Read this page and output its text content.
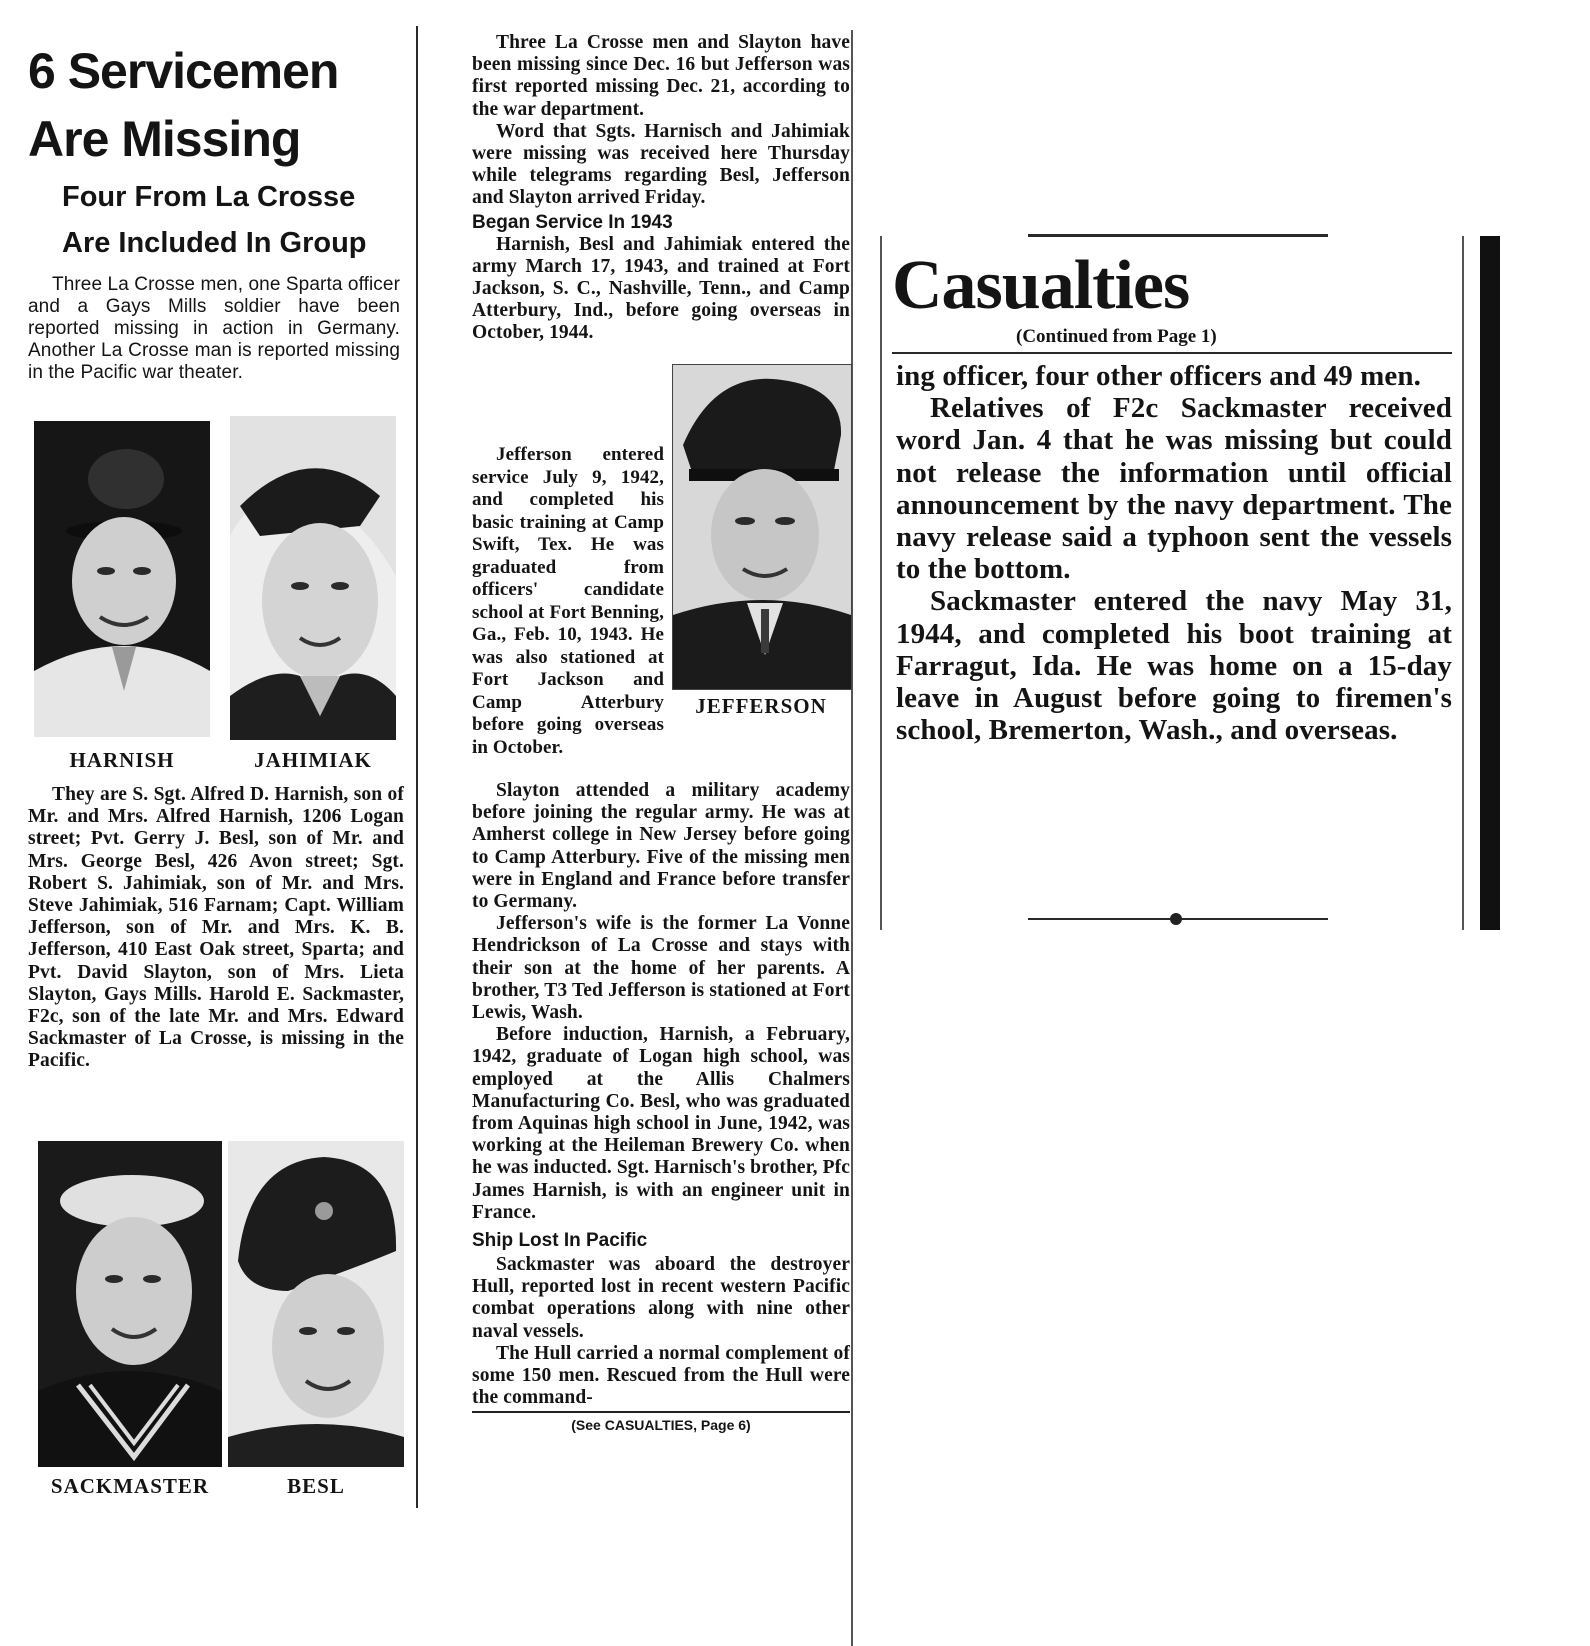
6 Servicemen
Are Missing
Four From La Crosse
Are Included In Group

Three La Crosse men, one Sparta officer and a Gays Mills soldier have been reported missing in action in Germany. Another La Crosse man is reported missing in the Pacific war theater.

HARNISH	JAHIMIAK

They are S. Sgt. Alfred D. Harnish, son of Mr. and Mrs. Alfred Harnish, 1206 Logan street; Pvt. Gerry J. Besl, son of Mr. and Mrs. George Besl, 426 Avon street; Sgt. Robert S. Jahimiak, son of Mr. and Mrs. Steve Jahimiak, 516 Farnam; Capt. William Jefferson, son of Mr. and Mrs. K. B. Jefferson, 410 East Oak street, Sparta; and Pvt. David Slayton, son of Mrs. Lieta Slayton, Gays Mills. Harold E. Sackmaster, F2c, son of the late Mr. and Mrs. Edward Sackmaster of La Crosse, is missing in the Pacific.

SACKMASTER	BESL

Three La Crosse men and Slayton have been missing since Dec. 16 but Jefferson was first reported missing Dec. 21, according to the war department.

Word that Sgts. Harnisch and Jahimiak were missing was received here Thursday while telegrams regarding Besl, Jefferson and Slayton arrived Friday.

Began Service In 1943

Harnish, Besl and Jahimiak entered the army March 17, 1943, and trained at Fort Jackson, S. C., Nashville, Tenn., and Camp Atterbury, Ind., before going overseas in October, 1944.

JEFFERSON

Jefferson entered service July 9, 1942, and completed his basic training at Camp Swift, Tex. He was graduated from officers' candidate school at Fort Benning, Ga., Feb. 10, 1943. He was also stationed at Fort Jackson and Camp Atterbury before going overseas in October.

Slayton attended a military academy before joining the regular army. He was at Amherst college in New Jersey before going to Camp Atterbury. Five of the missing men were in England and France before transfer to Germany.

Jefferson's wife is the former La Vonne Hendrickson of La Crosse and stays with their son at the home of her parents. A brother, T3 Ted Jefferson is stationed at Fort Lewis, Wash.

Before induction, Harnish, a February, 1942, graduate of Logan high school, was employed at the Allis Chalmers Manufacturing Co. Besl, who was graduated from Aquinas high school in June, 1942, was working at the Heileman Brewery Co. when he was inducted. Sgt. Harnisch's brother, Pfc James Harnish, is with an engineer unit in France.

Ship Lost In Pacific

Sackmaster was aboard the destroyer Hull, reported lost in recent western Pacific combat operations along with nine other naval vessels.

The Hull carried a normal complement of some 150 men. Rescued from the Hull were the command-

(See CASUALTIES, Page 6)

Casualties
(Continued from Page 1)

ing officer, four other officers and 49 men.

Relatives of F2c Sackmaster received word Jan. 4 that he was missing but could not release the information until official announcement by the navy department. The navy release said a typhoon sent the vessels to the bottom.

Sackmaster entered the navy May 31, 1944, and completed his boot training at Farragut, Ida. He was home on a 15-day leave in August before going to firemen's school, Bremerton, Wash., and overseas.
